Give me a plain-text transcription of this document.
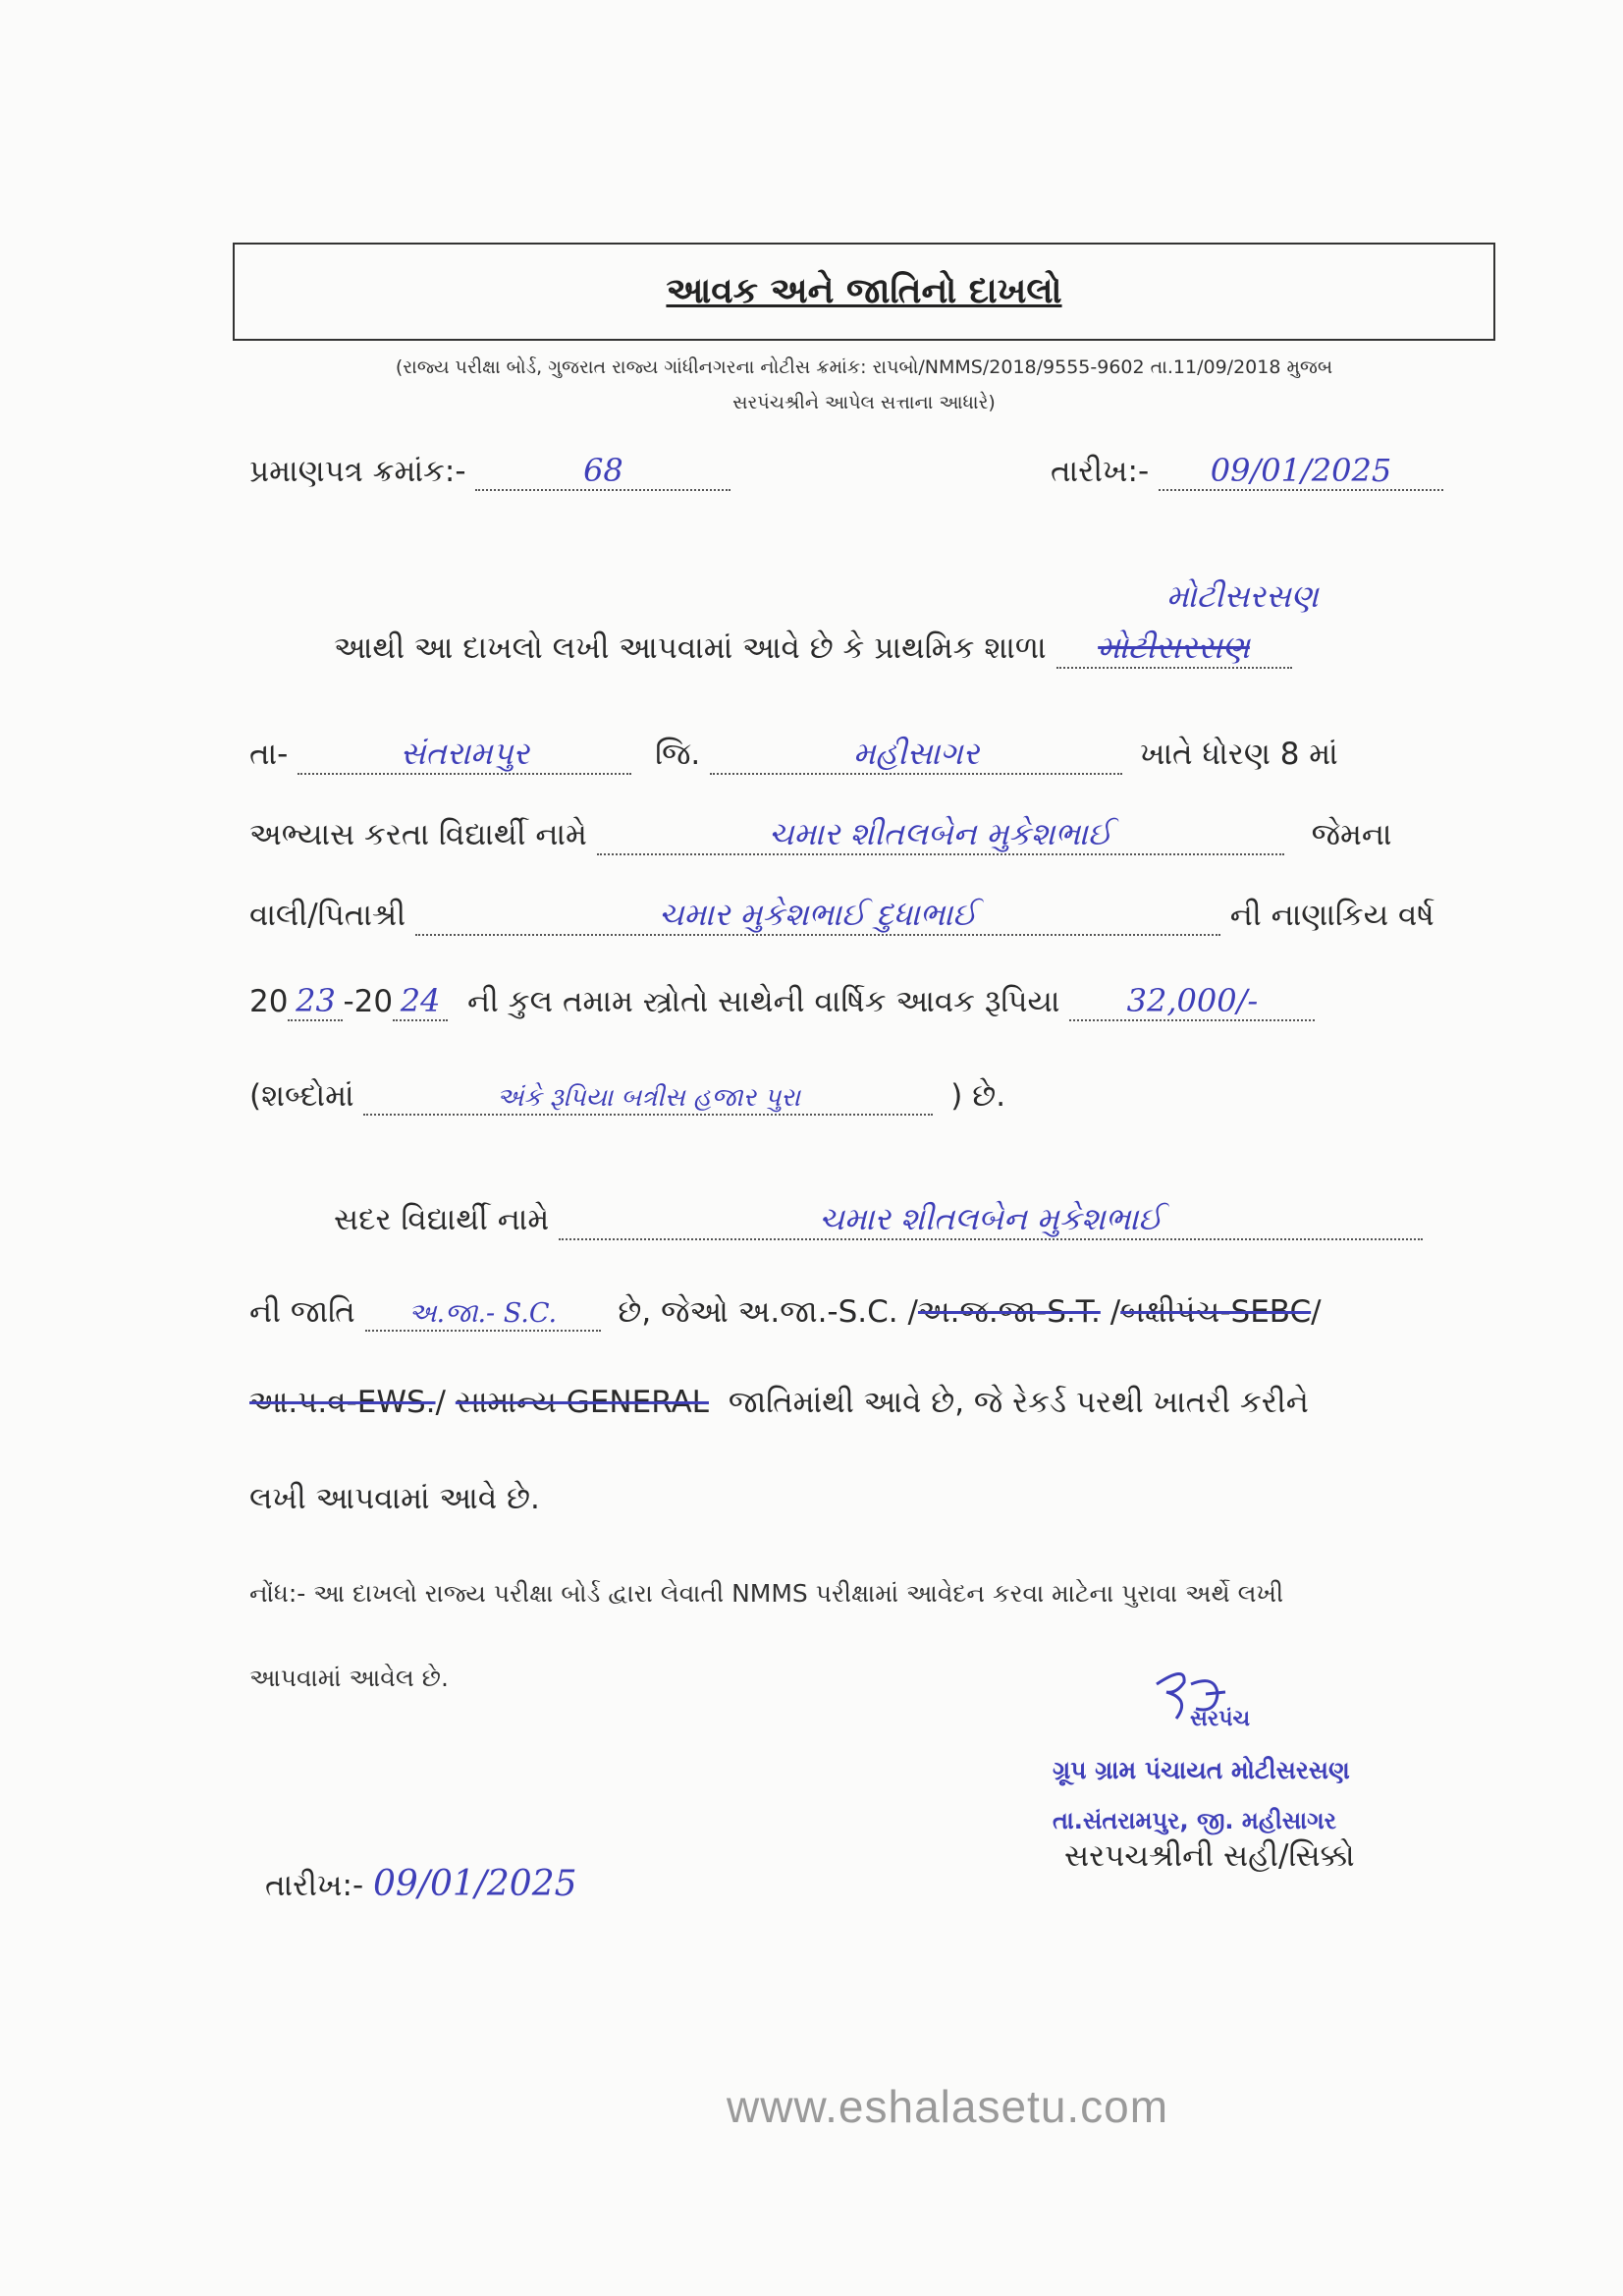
આવક અને જાતિનો દાખલો
(રાજ્ય પરીક્ષા બોર્ડ, ગુજરાત રાજ્ય ગાંધીનગરના નોટીસ ક્રમાંક: રાપબો/NMMS/2018/9555-9602 તા.11/09/2018 મુજબ
સરપંચશ્રીને આપેલ સત્તાના આધારે)
પ્રમાણપત્ર ક્રમાંક:-	68	તારીખ:- 09/01/2025
મોટીસરસણ
આથી આ દાખલો લખી આપવામાં આવે છે કે પ્રાથમિક શાળા મોટીસરસણ
તા-	સંતરામપુર	જિ.	મહીસાગર	ખાતે ધોરણ 8 માં
અભ્યાસ કરતા વિદ્યાર્થી નામે	ચમાર શીતલબેન મુકેશભાઈ	જેમના
વાલી/પિતાશ્રી	ચમાર મુકેશભાઈ દુધાભાઈ	ની નાણાકિય વર્ષ
20 23 -20 24 ની કુલ તમામ સ્ત્રોતો સાથેની વાર્ષિક આવક રૂપિયા 32,000/-
(શબ્દોમાં	અંકે રૂપિયા બત્રીસ હજાર પુરા	) છે.
સદર વિદ્યાર્થી નામે	ચમાર શીતલબેન મુકેશભાઈ
ની જાતિ અ.જા.- S.C. છે, જેઓ અ.જા.-S.C. /અ.જ.જા-S.T. /બક્ષીપંચ-SEBC/
આ.પ.વ-EWS./ સામાન્ય GENERAL જાતિમાંથી આવે છે, જે રેકર્ડ પરથી ખાતરી કરીને
લખી આપવામાં આવે છે.
નોંધ:- આ દાખલો રાજ્ય પરીક્ષા બોર્ડ દ્વારા લેવાતી NMMS પરીક્ષામાં આવેદન કરવા માટેના પુરાવા અર્થે લખી
આપવામાં આવેલ છે.
સરપંચ
ગ્રૂપ ગ્રામ પંચાયત મોટીસરસણ
તા.સંતરામપુર, જી. મહીસાગર
સરપચશ્રીની સહી/સિક્કો
તારીખ:- 09/01/2025
www.eshalasetu.com
